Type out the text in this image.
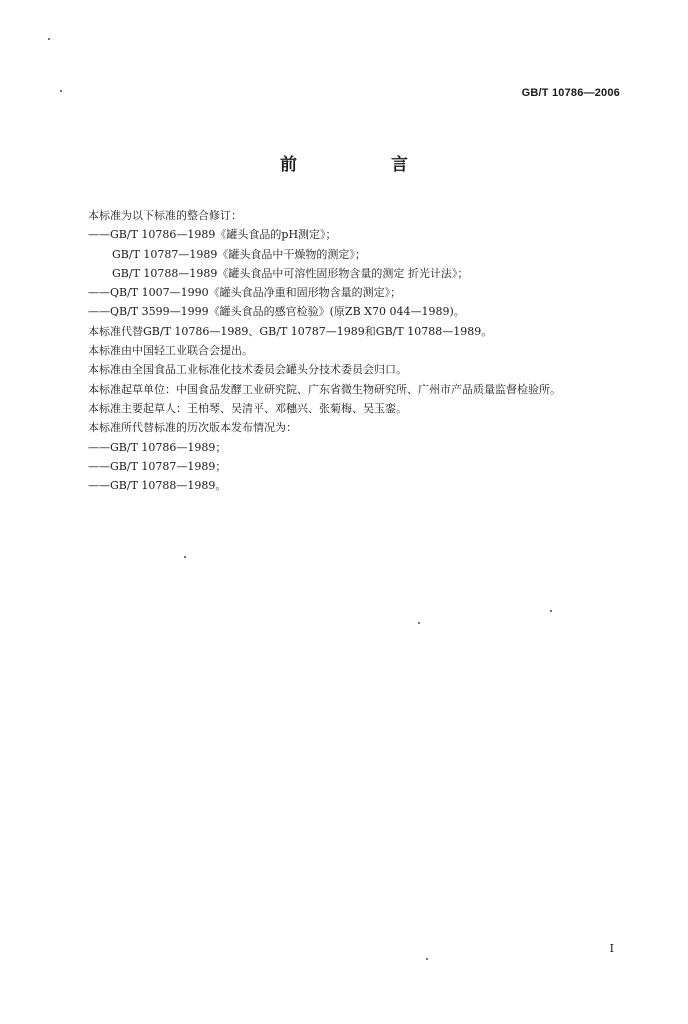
GB/T 10786—2006
前 言
本标准为以下标准的整合修订：
——GB/T 10786—1989《罐头食品的pH测定》；
GB/T 10787—1989《罐头食品中干燥物的测定》；
GB/T 10788—1989《罐头食品中可溶性固形物含量的测定 折光计法》；
——QB/T 1007—1990《罐头食品净重和固形物含量的测定》；
——QB/T 3599—1999《罐头食品的感官检验》(原ZB X70 044—1989)。
本标准代替GB/T 10786—1989、GB/T 10787—1989和GB/T 10788—1989。
本标准由中国轻工业联合会提出。
本标准由全国食品工业标准化技术委员会罐头分技术委员会归口。
本标准起草单位：中国食品发酵工业研究院、广东省微生物研究所、广州市产品质量监督检验所。
本标准主要起草人：王柏琴、吴清平、邓穗兴、张菊梅、吴玉銮。
本标准所代替标准的历次版本发布情况为：
——GB/T 10786—1989；
——GB/T 10787—1989；
——GB/T 10788—1989。
I
